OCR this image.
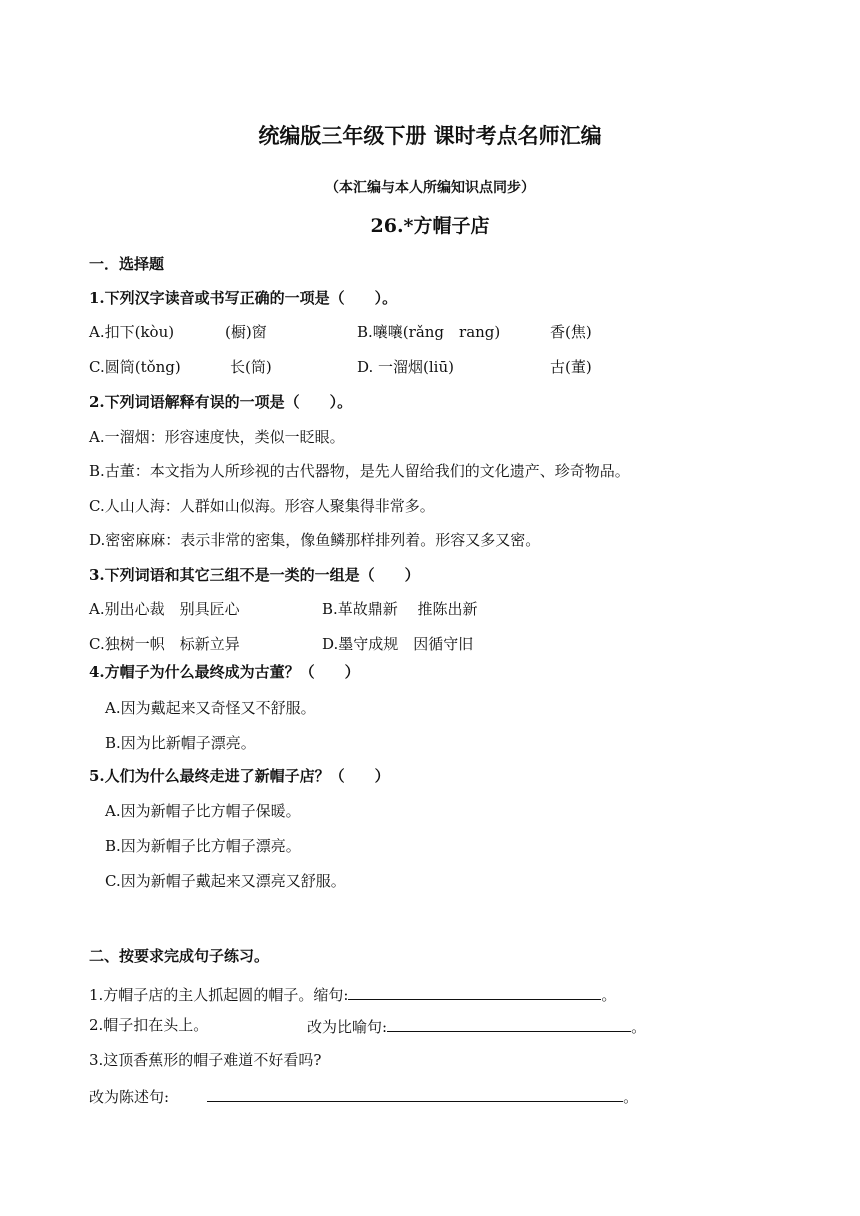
统编版三年级下册 课时考点名师汇编
（本汇编与本人所编知识点同步）
26.*方帽子店
一．选择题
1.下列汉字读音或书写正确的一项是（　　）。
A.扣下(kòu)	(橱)窗	B.嚷嚷(rǎng　rang)	香(焦)
C.圆筒(tǒng)	长(筒)	D. 一溜烟(liū)	古(董)
2.下列词语解释有误的一项是（　　）。
A.一溜烟：形容速度快，类似一眨眼。
B.古董：本文指为人所珍视的古代器物，是先人留给我们的文化遗产、珍奇物品。
C.人山人海：人群如山似海。形容人聚集得非常多。
D.密密麻麻：表示非常的密集，像鱼鳞那样排列着。形容又多又密。
3.下列词语和其它三组不是一类的一组是（　　）
A.别出心裁　别具匠心	B.革故鼎新　 推陈出新
C.独树一帜　标新立异	D.墨守成规　因循守旧
4.方帽子为什么最终成为古董？（　　）
A.因为戴起来又奇怪又不舒服。
B.因为比新帽子漂亮。
5.人们为什么最终走进了新帽子店？（　　）
A.因为新帽子比方帽子保暖。
B.因为新帽子比方帽子漂亮。
C.因为新帽子戴起来又漂亮又舒服。
二、按要求完成句子练习。
1.方帽子店的主人抓起圆的帽子。缩句:	。
2.帽子扣在头上。	改为比喻句:	。
3.这顶香蕉形的帽子难道不好看吗?
改为陈述句:	。
